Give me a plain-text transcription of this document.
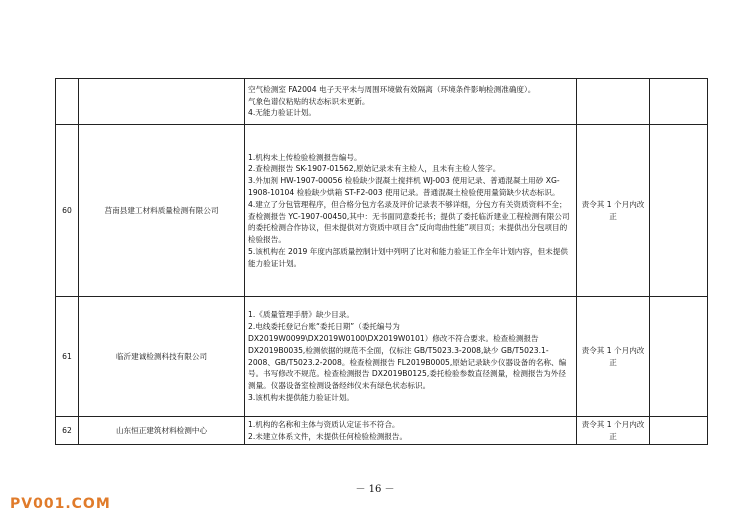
		空气检测室 FA2004 电子天平未与周围环境做有效隔离（环境条件影响检测准确度）。
气象色谱仪粘贴的状态标识未更新。
4.无能力验证计划。		

60	莒南县建工材料质量检测有限公司	1.机构未上传检验检测报告编号。
2.查检测报告 SK-1907-01562,原始记录未有主检人，且未有主检人签字。
3.外加剂 HW-1907-00056 检验缺少混凝土搅拌机 WJ-003 使用记录、普通混凝土用砂 XG-1908-10104 检验缺少烘箱 ST-F2-003 使用记录。普通混凝土检验使用量筒缺少状态标识。
4.建立了分包管理程序，但合格分包方名录及评价记录表不够详细，分包方有关资质资料不全；查检测报告 YC-1907-00450,其中：无书面同意委托书；提供了委托临沂建业工程检测有限公司的委托检测合作协议，但未提供对方资质中项目含“反向弯曲性能”项目页；未提供出分包项目的检验报告。
5.该机构在 2019 年度内部质量控制计划中列明了比对和能力验证工作全年计划内容，但未提供能力验证计划。	责令其 1 个月内改正	
61	临沂建诚检测科技有限公司	1.《质量管理手册》缺少目录。
2.电线委托登记台账“委托日期”（委托编号为 DX2019W0099\DX2019W0100\DX2019W0101）修改不符合要求。检查检测报告 DX2019B0035,检测依据的规范不全面，仅标注 GB/T5023.3-2008,缺少 GB/T5023.1-2008、GB/T5023.2-2008。检查检测报告 FL2019B0005,原始记录缺少仪器设备的名称、编号。书写修改不规范。检查检测报告 DX2019B0125,委托检验参数直径测量，检测报告为外径测量。仪器设备室检测设备经纬仪未有绿色状态标识。
3.该机构未提供能力验证计划。	责令其 1 个月内改正	
62	山东恒正建筑材料检测中心	1.机构的名称和主体与资质认定证书不符合。
2.未建立体系文件，未提供任何检验检测报告。	责令其 1 个月内改正	
－ 16 －
PV001.COM
